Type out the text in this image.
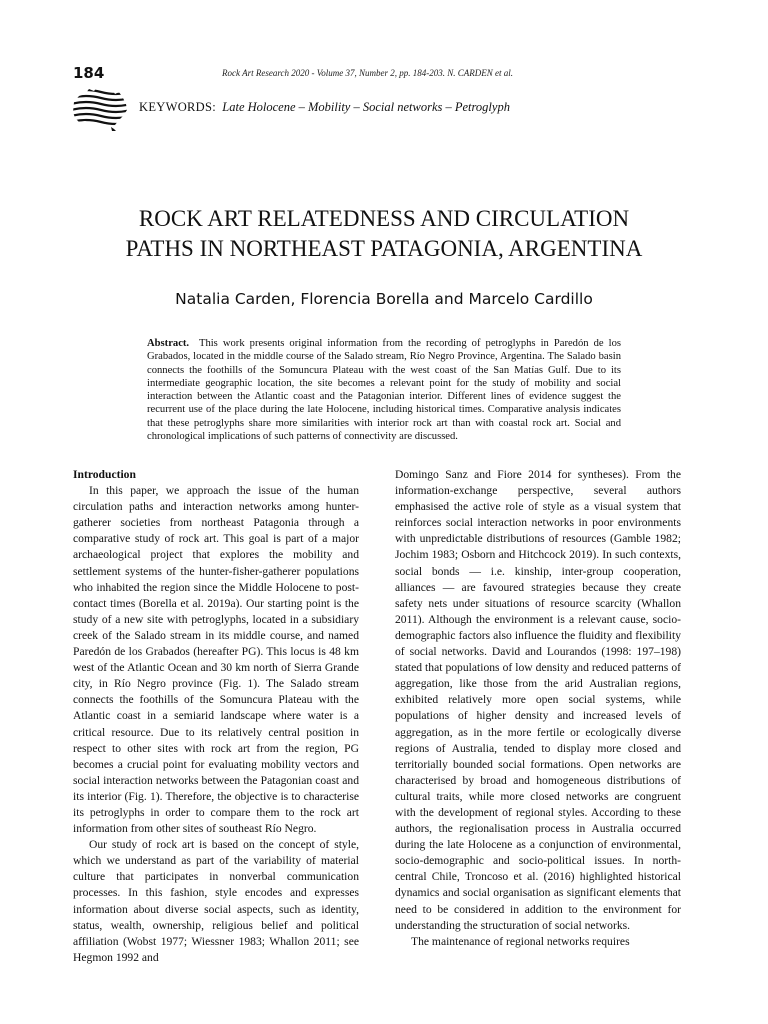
184	Rock Art Research 2020 - Volume 37, Number 2, pp. 184-203. N. CARDEN et al.
KEYWORDS: Late Holocene – Mobility – Social networks – Petroglyph
ROCK ART RELATEDNESS AND CIRCULATION
PATHS IN NORTHEAST PATAGONIA, ARGENTINA
Natalia Carden, Florencia Borella and Marcelo Cardillo

Abstract. This work presents original information from the recording of petroglyphs in Paredón de los Grabados, located in the middle course of the Salado stream, Río Negro Province, Argentina. The Salado basin connects the foothills of the Somuncura Plateau with the west coast of the San Matías Gulf. Due to its intermediate geographic location, the site becomes a relevant point for the study of mobility and social interaction between the Atlantic coast and the Patagonian interior. Different lines of evidence suggest the recurrent use of the place during the late Holocene, including historical times. Comparative analysis indicates that these petroglyphs share more similarities with interior rock art than with coastal rock art. Social and chronological implications of such patterns of connectivity are discussed.

Introduction

In this paper, we approach the issue of the human circulation paths and interaction networks among hunter-gatherer societies from northeast Patagonia through a comparative study of rock art. This goal is part of a major archaeological project that explores the mobility and settlement systems of the hunter-fisher-gatherer populations who inhabited the region since the Middle Holocene to post-contact times (Borella et al. 2019a). Our starting point is the study of a new site with petroglyphs, located in a subsidiary creek of the Salado stream in its middle course, and named Paredón de los Grabados (hereafter PG). This locus is 48 km west of the Atlantic Ocean and 30 km north of Sierra Grande city, in Río Negro province (Fig. 1). The Salado stream connects the foothills of the Somuncura Plateau with the Atlantic coast in a semiarid landscape where water is a critical resource. Due to its relatively central position in respect to other sites with rock art from the region, PG becomes a crucial point for evaluating mobility vectors and social interaction networks between the Patagonian coast and its interior (Fig. 1). Therefore, the objective is to characterise its petroglyphs in order to compare them to the rock art information from other sites of southeast Río Negro.

Our study of rock art is based on the concept of style, which we understand as part of the variability of material culture that participates in nonverbal communication processes. In this fashion, style encodes and expresses information about diverse social aspects, such as identity, status, wealth, ownership, religious belief and political affiliation (Wobst 1977; Wiessner 1983; Whallon 2011; see Hegmon 1992 and

Domingo Sanz and Fiore 2014 for syntheses). From the information-exchange perspective, several authors emphasised the active role of style as a visual system that reinforces social interaction networks in poor environments with unpredictable distributions of resources (Gamble 1982; Jochim 1983; Osborn and Hitchcock 2019). In such contexts, social bonds — i.e. kinship, inter-group cooperation, alliances — are favoured strategies because they create safety nets under situations of resource scarcity (Whallon 2011). Although the environment is a relevant cause, socio-demographic factors also influence the fluidity and flexibility of social networks. David and Lourandos (1998: 197–198) stated that populations of low density and reduced patterns of aggregation, like those from the arid Australian regions, exhibited relatively more open social systems, while populations of higher density and increased levels of aggregation, as in the more fertile or ecologically diverse regions of Australia, tended to display more closed and territorially bounded social formations. Open networks are characterised by broad and homogeneous distributions of cultural traits, while more closed networks are congruent with the development of regional styles. According to these authors, the regionalisation process in Australia occurred during the late Holocene as a conjunction of environmental, socio-demographic and socio-political issues. In north-central Chile, Troncoso et al. (2016) highlighted historical dynamics and social organisation as significant elements that need to be considered in addition to the environment for understanding the structuration of social networks.

The maintenance of regional networks requires
